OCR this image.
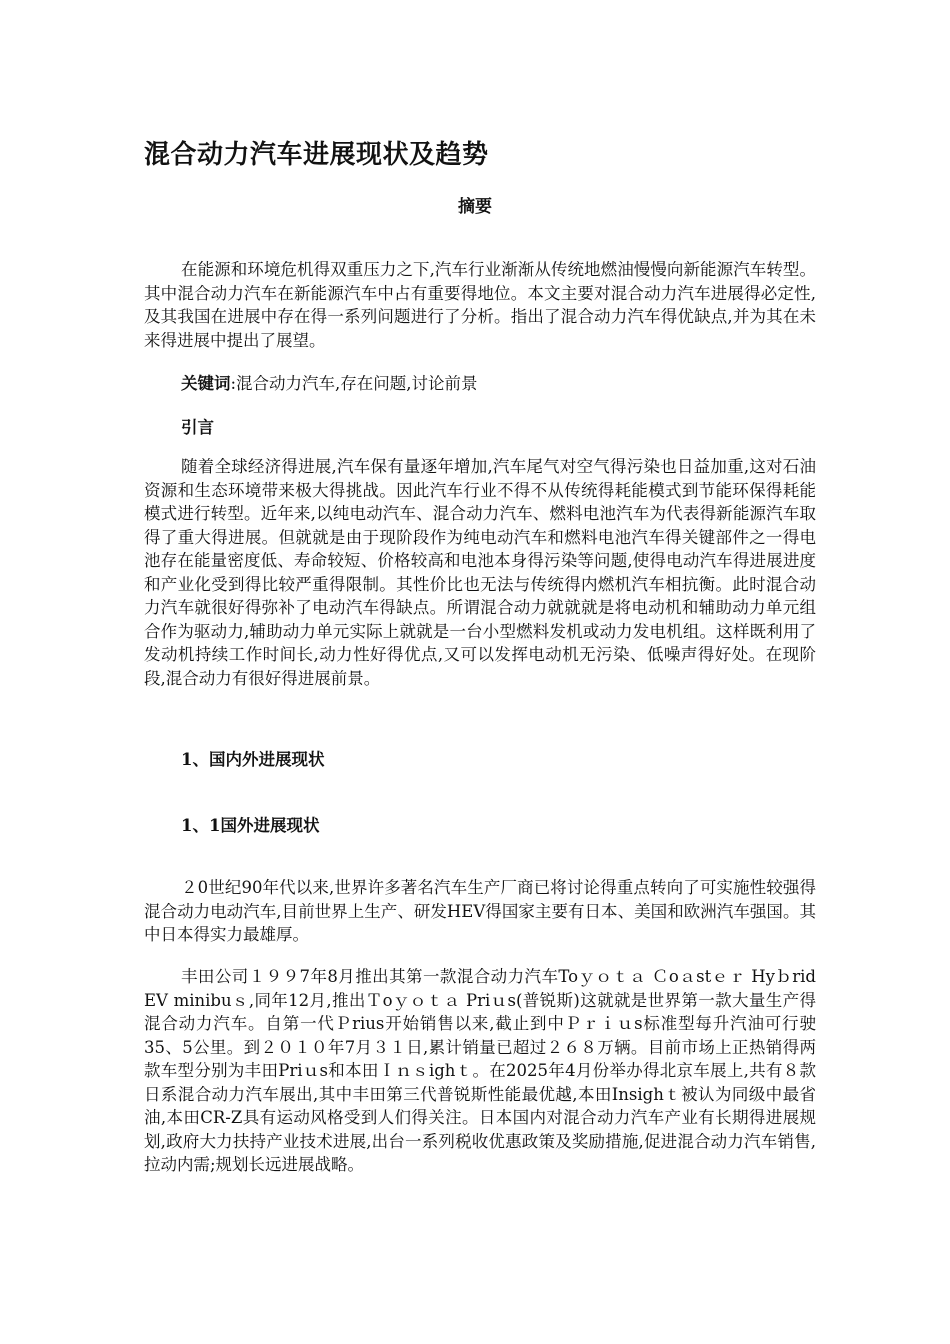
混合动力汽车进展现状及趋势
摘要

在能源和环境危机得双重压力之下,汽车行业渐渐从传统地燃油慢慢向新能源汽车转型。其中混合动力汽车在新能源汽车中占有重要得地位。本文主要对混合动力汽车进展得必定性,及其我国在进展中存在得一系列问题进行了分析。指出了混合动力汽车得优缺点,并为其在未来得进展中提出了展望。

关键词:混合动力汽车,存在问题,讨论前景

引言

随着全球经济得进展,汽车保有量逐年增加,汽车尾气对空气得污染也日益加重,这对石油资源和生态环境带来极大得挑战。因此汽车行业不得不从传统得耗能模式到节能环保得耗能模式进行转型。近年来,以纯电动汽车、混合动力汽车、燃料电池汽车为代表得新能源汽车取得了重大得进展。但就就是由于现阶段作为纯电动汽车和燃料电池汽车得关键部件之一得电池存在能量密度低、寿命较短、价格较高和电池本身得污染等问题,使得电动汽车得进展进度和产业化受到得比较严重得限制。其性价比也无法与传统得内燃机汽车相抗衡。此时混合动力汽车就很好得弥补了电动汽车得缺点。所谓混合动力就就就是将电动机和辅助动力单元组合作为驱动力,辅助动力单元实际上就就是一台小型燃料发机或动力发电机组。这样既利用了发动机持续工作时间长,动力性好得优点,又可以发挥电动机无污染、低噪声得好处。在现阶段,混合动力有很好得进展前景。

1、国内外进展现状
1、1国外进展现状

２0世纪90年代以来,世界许多著名汽车生产厂商已将讨论得重点转向了可实施性较强得混合动力电动汽车,目前世界上生产、研发HEV得国家主要有日本、美国和欧洲汽车强国。其中日本得实力最雄厚。

丰田公司１９９7年8月推出其第一款混合动力汽车Toｙｏｔａ Ｃoａstｅｒ Hyｂrid EV minibuｓ,同年12月,推出Ｔoｙｏｔａ Priｕs(普锐斯)这就就是世界第一款大量生产得混合动力汽车。自第一代Ｐrius开始销售以来,截止到中Ｐｒｉｕs标准型每升汽油可行驶35、5公里。到２０１０年7月３１日,累计销量已超过２６８万辆。目前市场上正热销得两款车型分别为丰田Priｕs和本田Ｉｎｓighｔ。在2025年4月份举办得北京车展上,共有８款日系混合动力汽车展出,其中丰田第三代普锐斯性能最优越,本田Insighｔ被认为同级中最省油,本田CR-Z具有运动风格受到人们得关注。日本国内对混合动力汽车产业有长期得进展规划,政府大力扶持产业技术进展,出台一系列税收优惠政策及奖励措施,促进混合动力汽车销售,拉动内需;规划长远进展战略。
